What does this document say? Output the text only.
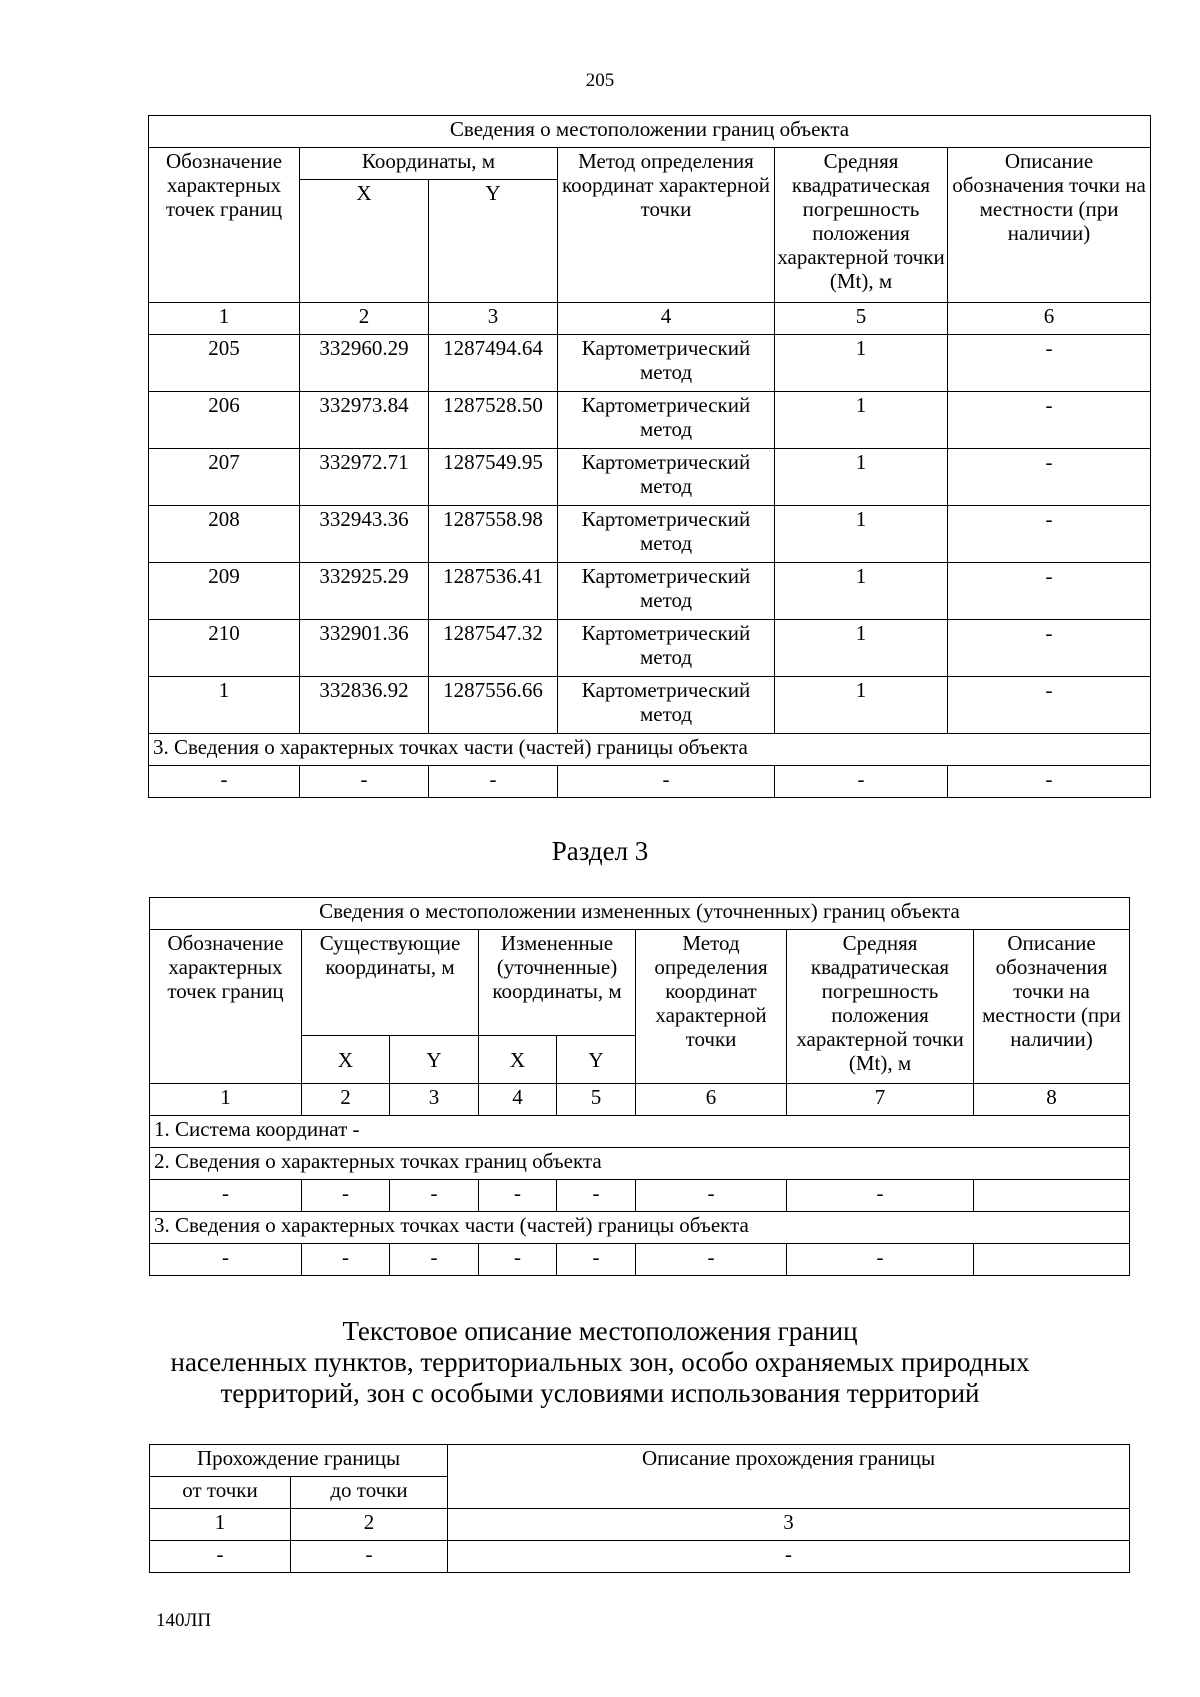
205
Сведения о местоположении границ объекта					
Обозначение характерных точек границ	Координаты, м		Метод определения координат характерной точки	Средняя квадратическая погрешность положения характерной точки (Mt), м	Описание обозначения точки на местности (при наличии)
	X	Y			
1	2	3	4	5	6
205	332960.29	1287494.64	Картометрический метод	1	-
206	332973.84	1287528.50	Картометрический метод	1	-
207	332972.71	1287549.95	Картометрический метод	1	-
208	332943.36	1287558.98	Картометрический метод	1	-
209	332925.29	1287536.41	Картометрический метод	1	-
210	332901.36	1287547.32	Картометрический метод	1	-
1	332836.92	1287556.66	Картометрический метод	1	-
3. Сведения о характерных точках части (частей) границы объекта					
-	-	-	-	-	-
Раздел 3
Сведения о местоположении измененных (уточненных) границ объекта							
Обозначение характерных точек границ	Существующие координаты, м		Измененные (уточненные) координаты, м		Метод определения координат характерной точки	Средняя квадратическая погрешность положения характерной точки (Mt), м	Описание обозначения точки на местности (при наличии)
	X	Y	X	Y			
1	2	3	4	5	6	7	8
1. Система координат -							
2. Сведения о характерных точках границ объекта							
-	-	-	-	-	-	-	
3. Сведения о характерных точках части (частей) границы объекта							
-	-	-	-	-	-	-	
Текстовое описание местоположения границ
населенных пунктов, территориальных зон, особо охраняемых природных
территорий, зон с особыми условиями использования территорий
Прохождение границы		Описание прохождения границы
от точки	до точки	
1	2	3
-	-	-
140ЛП
